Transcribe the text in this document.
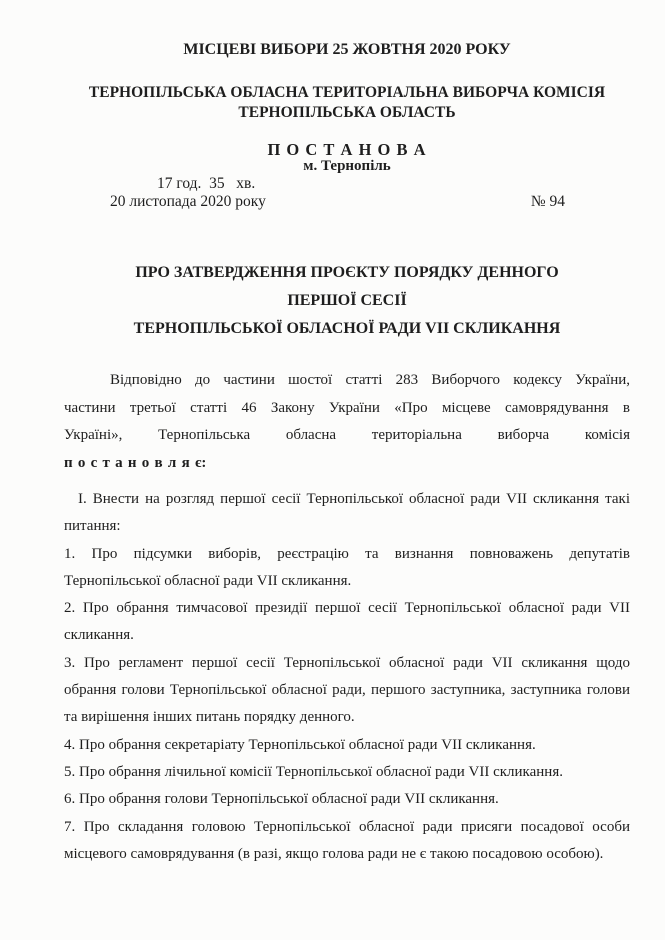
МІСЦЕВІ ВИБОРИ 25 ЖОВТНЯ 2020 РОКУ
ТЕРНОПІЛЬСЬКА ОБЛАСНА ТЕРИТОРІАЛЬНА ВИБОРЧА КОМІСІЯ
ТЕРНОПІЛЬСЬКА ОБЛАСТЬ
П О С Т А Н О В А
м. Тернопіль
17 год.  35   хв.
20 листопада 2020 року	№ 94
ПРО ЗАТВЕРДЖЕННЯ ПРОЄКТУ ПОРЯДКУ ДЕННОГО
ПЕРШОЇ СЕСІЇ
ТЕРНОПІЛЬСЬКОЇ ОБЛАСНОЇ РАДИ VII СКЛИКАННЯ
Відповідно до частини шостої статті 283 Виборчого кодексу України,
частини третьої статті 46 Закону України «Про місцеве самоврядування в
Україні», Тернопільська обласна територіальна виборча комісія
п о с т а н о в л я є:

І. Внести на розгляд першої сесії Тернопільської обласної ради VII скликання такі питання:

1. Про підсумки виборів, реєстрацію та визнання повноважень депутатів Тернопільської обласної ради VII скликання.

2. Про обрання тимчасової президії першої сесії Тернопільської обласної ради VII скликання.

3. Про регламент першої сесії Тернопільської обласної ради VII скликання щодо обрання голови Тернопільської обласної ради, першого заступника, заступника голови та вирішення інших питань порядку денного.

4. Про обрання секретаріату Тернопільської обласної ради VII скликання.

5. Про обрання лічильної комісії Тернопільської обласної ради VII скликання.

6. Про обрання голови Тернопільської обласної ради VII скликання.

7. Про складання головою Тернопільської обласної ради присяги посадової особи місцевого самоврядування (в разі, якщо голова ради не є такою посадовою особою).
